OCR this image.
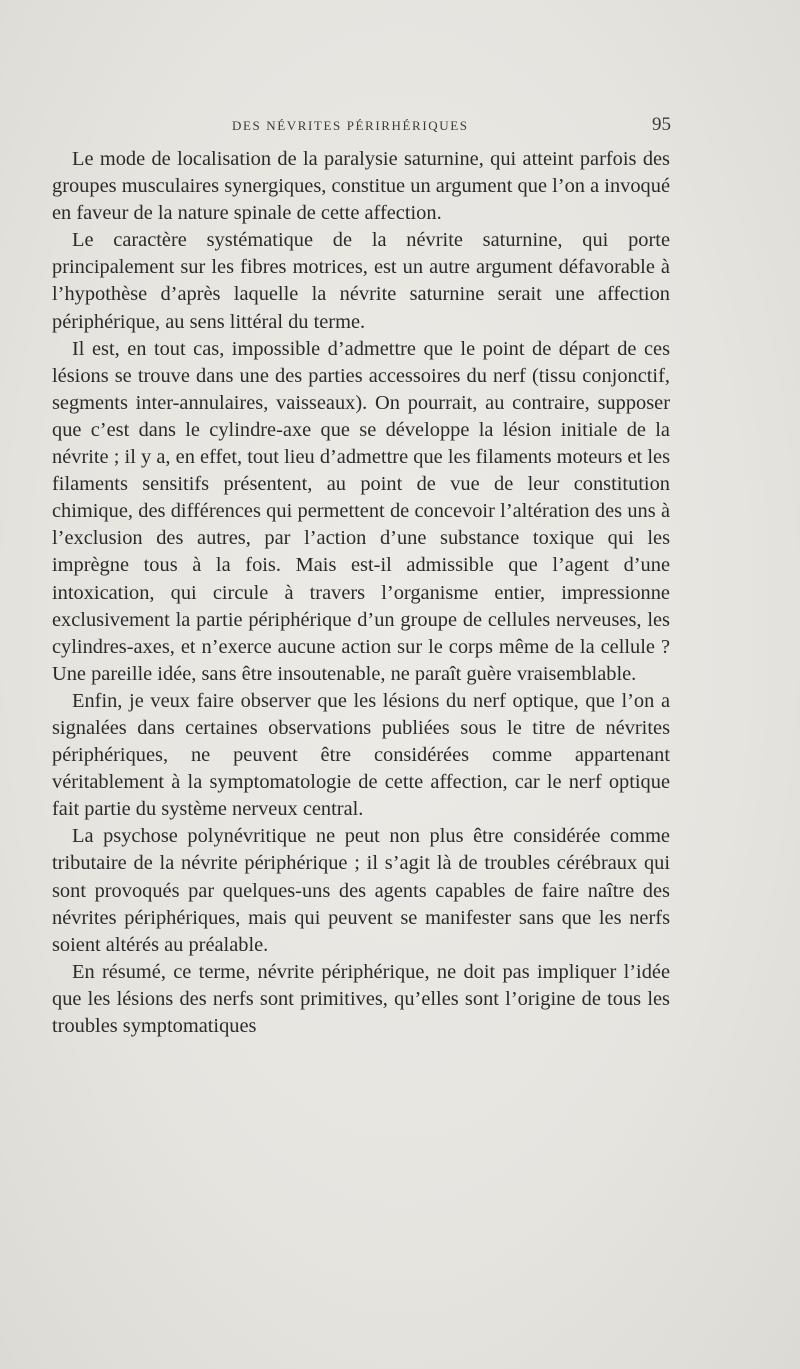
DES NÉVRITES PÉRIRHÉRIQUES	95

Le mode de localisation de la paralysie saturnine, qui atteint parfois des groupes musculaires synergiques, constitue un argument que l’on a invoqué en faveur de la nature spinale de cette affection.

Le caractère systématique de la névrite saturnine, qui porte principalement sur les fibres motrices, est un autre argument défavorable à l’hypothèse d’après laquelle la névrite saturnine serait une affection périphérique, au sens littéral du terme.

Il est, en tout cas, impossible d’admettre que le point de départ de ces lésions se trouve dans une des parties accessoires du nerf (tissu conjonctif, segments inter-annulaires, vaisseaux). On pourrait, au contraire, supposer que c’est dans le cylindre-axe que se développe la lésion initiale de la névrite ; il y a, en effet, tout lieu d’admettre que les filaments moteurs et les filaments sensitifs présentent, au point de vue de leur constitution chimique, des différences qui permettent de concevoir l’altération des uns à l’exclusion des autres, par l’action d’une substance toxique qui les imprègne tous à la fois. Mais est-il admissible que l’agent d’une intoxication, qui circule à travers l’organisme entier, impressionne exclusivement la partie périphérique d’un groupe de cellules nerveuses, les cylindres-axes, et n’exerce aucune action sur le corps même de la cellule ? Une pareille idée, sans être insoutenable, ne paraît guère vraisemblable.

Enfin, je veux faire observer que les lésions du nerf optique, que l’on a signalées dans certaines observations publiées sous le titre de névrites périphériques, ne peuvent être considérées comme appartenant véritablement à la symptomatologie de cette affection, car le nerf optique fait partie du système nerveux central.

La psychose polynévritique ne peut non plus être considérée comme tributaire de la névrite périphérique ; il s’agit là de troubles cérébraux qui sont provoqués par quelques-uns des agents capables de faire naître des névrites périphériques, mais qui peuvent se manifester sans que les nerfs soient altérés au préalable.

En résumé, ce terme, névrite périphérique, ne doit pas impliquer l’idée que les lésions des nerfs sont primitives, qu’elles sont l’origine de tous les troubles symptomatiques
